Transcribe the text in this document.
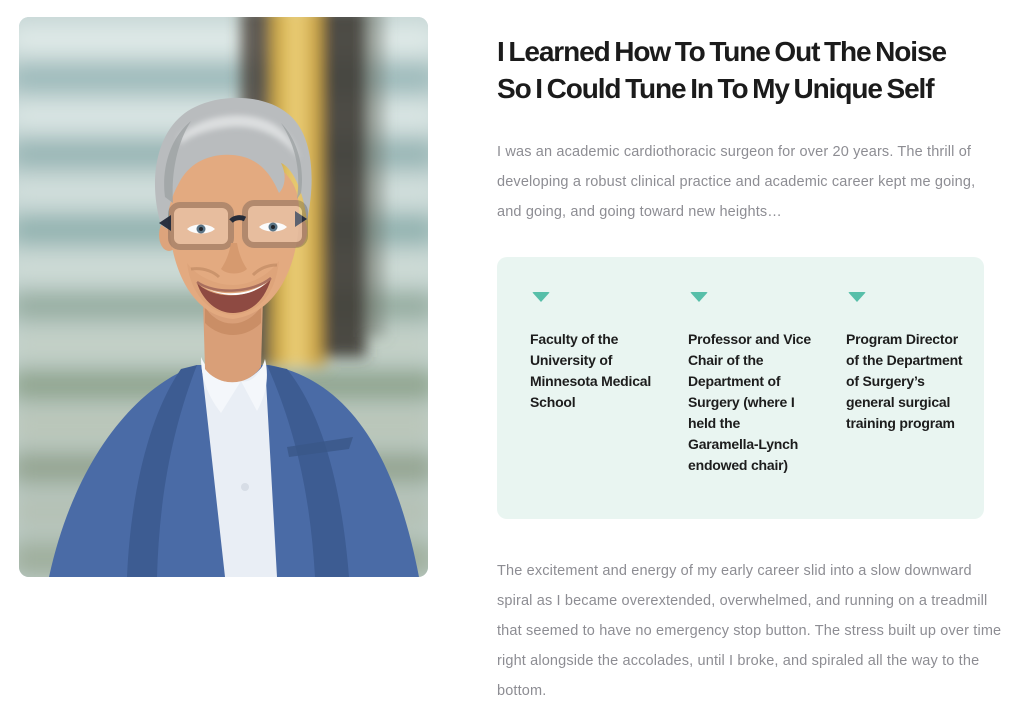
I Learned How To Tune Out The Noise
So I Could Tune In To My Unique Self

I was an academic cardiothoracic surgeon for over 20 years. The thrill of developing a robust clinical practice and academic career kept me going, and going, and going toward new heights…

Faculty of the University of Minnesota Medical School

Professor and Vice Chair of the Department of Surgery (where I held the Garamella-Lynch endowed chair)

Program Director of the Department of Surgery’s general surgical training program

The excitement and energy of my early career slid into a slow downward spiral as I became overextended, overwhelmed, and running on a treadmill that seemed to have no emergency stop button. The stress built up over time right alongside the accolades, until I broke, and spiraled all the way to the bottom.
